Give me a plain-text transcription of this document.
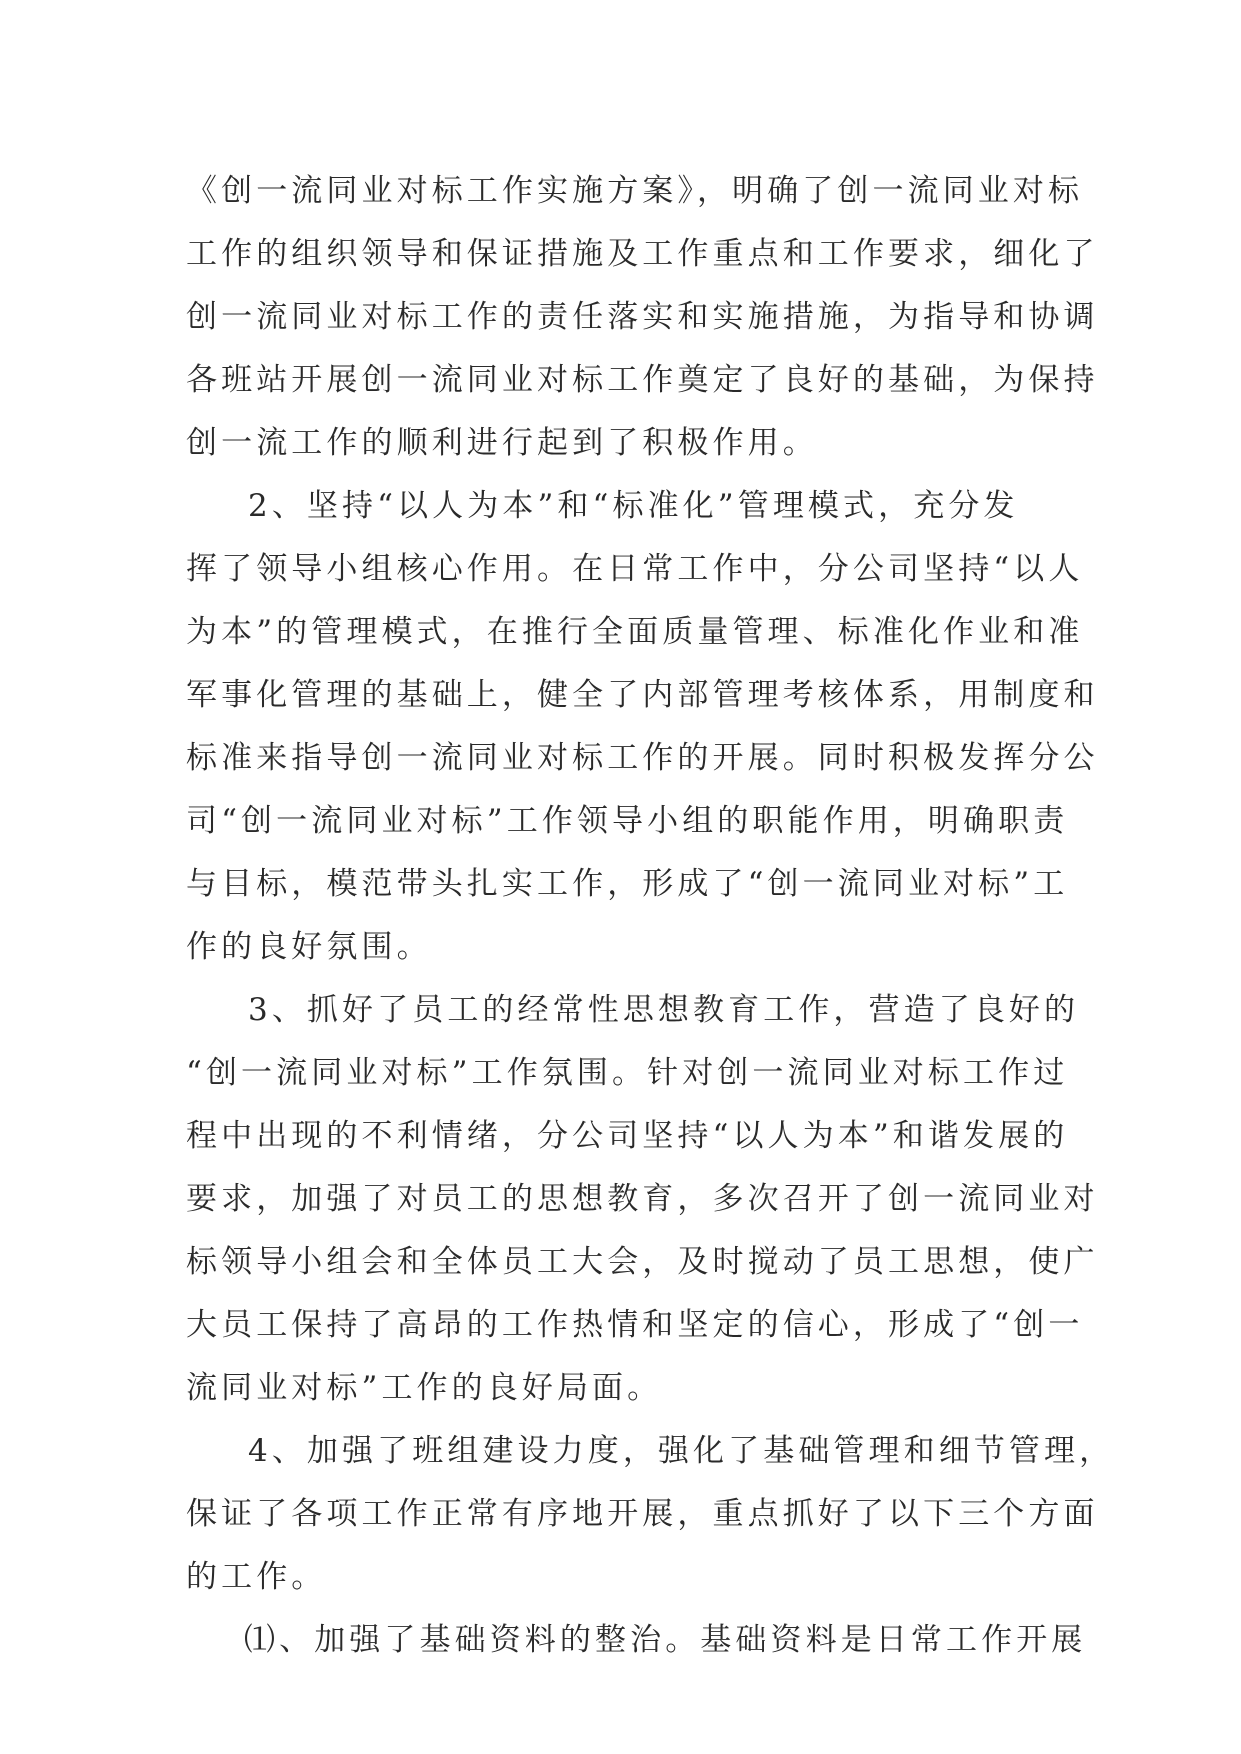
《创一流同业对标工作实施方案》，明确了创一流同业对标
工作的组织领导和保证措施及工作重点和工作要求，细化了
创一流同业对标工作的责任落实和实施措施，为指导和协调
各班站开展创一流同业对标工作奠定了良好的基础，为保持
创一流工作的顺利进行起到了积极作用。
2、坚持“以人为本”和“标准化”管理模式，充分发
挥了领导小组核心作用。在日常工作中，分公司坚持“以人
为本”的管理模式，在推行全面质量管理、标准化作业和准
军事化管理的基础上，健全了内部管理考核体系，用制度和
标准来指导创一流同业对标工作的开展。同时积极发挥分公
司“创一流同业对标”工作领导小组的职能作用，明确职责
与目标，模范带头扎实工作，形成了“创一流同业对标”工
作的良好氛围。
3、抓好了员工的经常性思想教育工作，营造了良好的
“创一流同业对标”工作氛围。针对创一流同业对标工作过
程中出现的不利情绪，分公司坚持“以人为本”和谐发展的
要求，加强了对员工的思想教育，多次召开了创一流同业对
标领导小组会和全体员工大会，及时搅动了员工思想，使广
大员工保持了高昂的工作热情和坚定的信心，形成了“创一
流同业对标”工作的良好局面。
4、加强了班组建设力度，强化了基础管理和细节管理，
保证了各项工作正常有序地开展，重点抓好了以下三个方面
的工作。
⑴、加强了基础资料的整治。基础资料是日常工作开展
